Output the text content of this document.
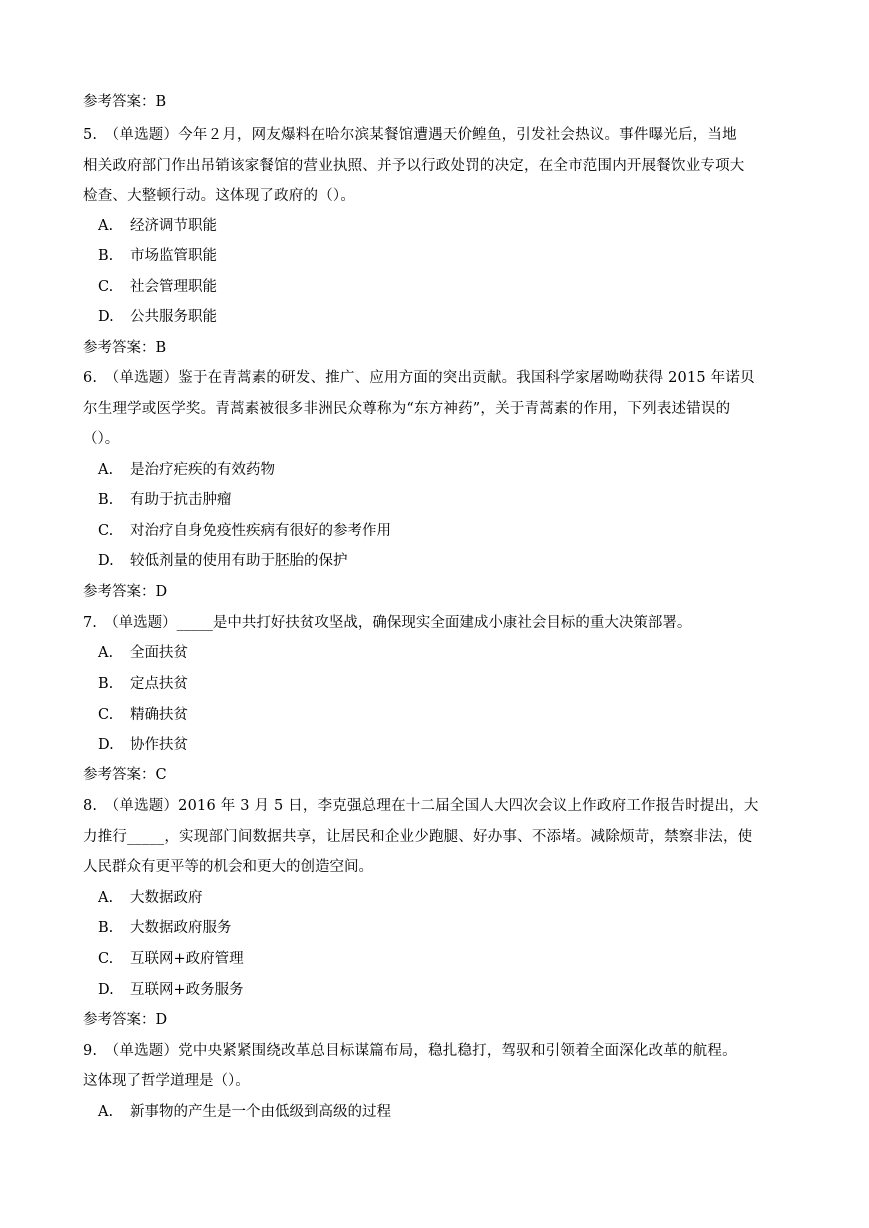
参考答案：B
5.　（单选题）今年２月，网友爆料在哈尔滨某餐馆遭遇天价鳇鱼，引发社会热议。事件曝光后，当地
相关政府部门作出吊销该家餐馆的营业执照、并予以行政处罚的决定，在全市范围内开展餐饮业专项大
检查、大整顿行动。这体现了政府的（）。
A. 经济调节职能
B. 市场监管职能
C. 社会管理职能
D. 公共服务职能
参考答案：B
6.　（单选题）鉴于在青蒿素的研发、推广、应用方面的突出贡献。我国科学家屠呦呦获得 2015 年诺贝
尔生理学或医学奖。青蒿素被很多非洲民众尊称为“东方神药”，关于青蒿素的作用，下列表述错误的
（）。
A. 是治疗疟疾的有效药物
B. 有助于抗击肿瘤
C. 对治疗自身免疫性疾病有很好的参考作用
D. 较低剂量的使用有助于胚胎的保护
参考答案：D
7.　（单选题）_____是中共打好扶贫攻坚战，确保现实全面建成小康社会目标的重大决策部署。
A. 全面扶贫
B. 定点扶贫
C. 精确扶贫
D. 协作扶贫
参考答案：C
8.　（单选题）2016 年 3 月 5 日，李克强总理在十二届全国人大四次会议上作政府工作报告时提出，大
力推行_____，实现部门间数据共享，让居民和企业少跑腿、好办事、不添堵。减除烦苛，禁察非法，使
人民群众有更平等的机会和更大的创造空间。
A. 大数据政府
B. 大数据政府服务
C. 互联网+政府管理
D. 互联网+政务服务
参考答案：D
9.　（单选题）党中央紧紧围绕改革总目标谋篇布局，稳扎稳打，驾驭和引领着全面深化改革的航程。
这体现了哲学道理是（）。
A. 新事物的产生是一个由低级到高级的过程
